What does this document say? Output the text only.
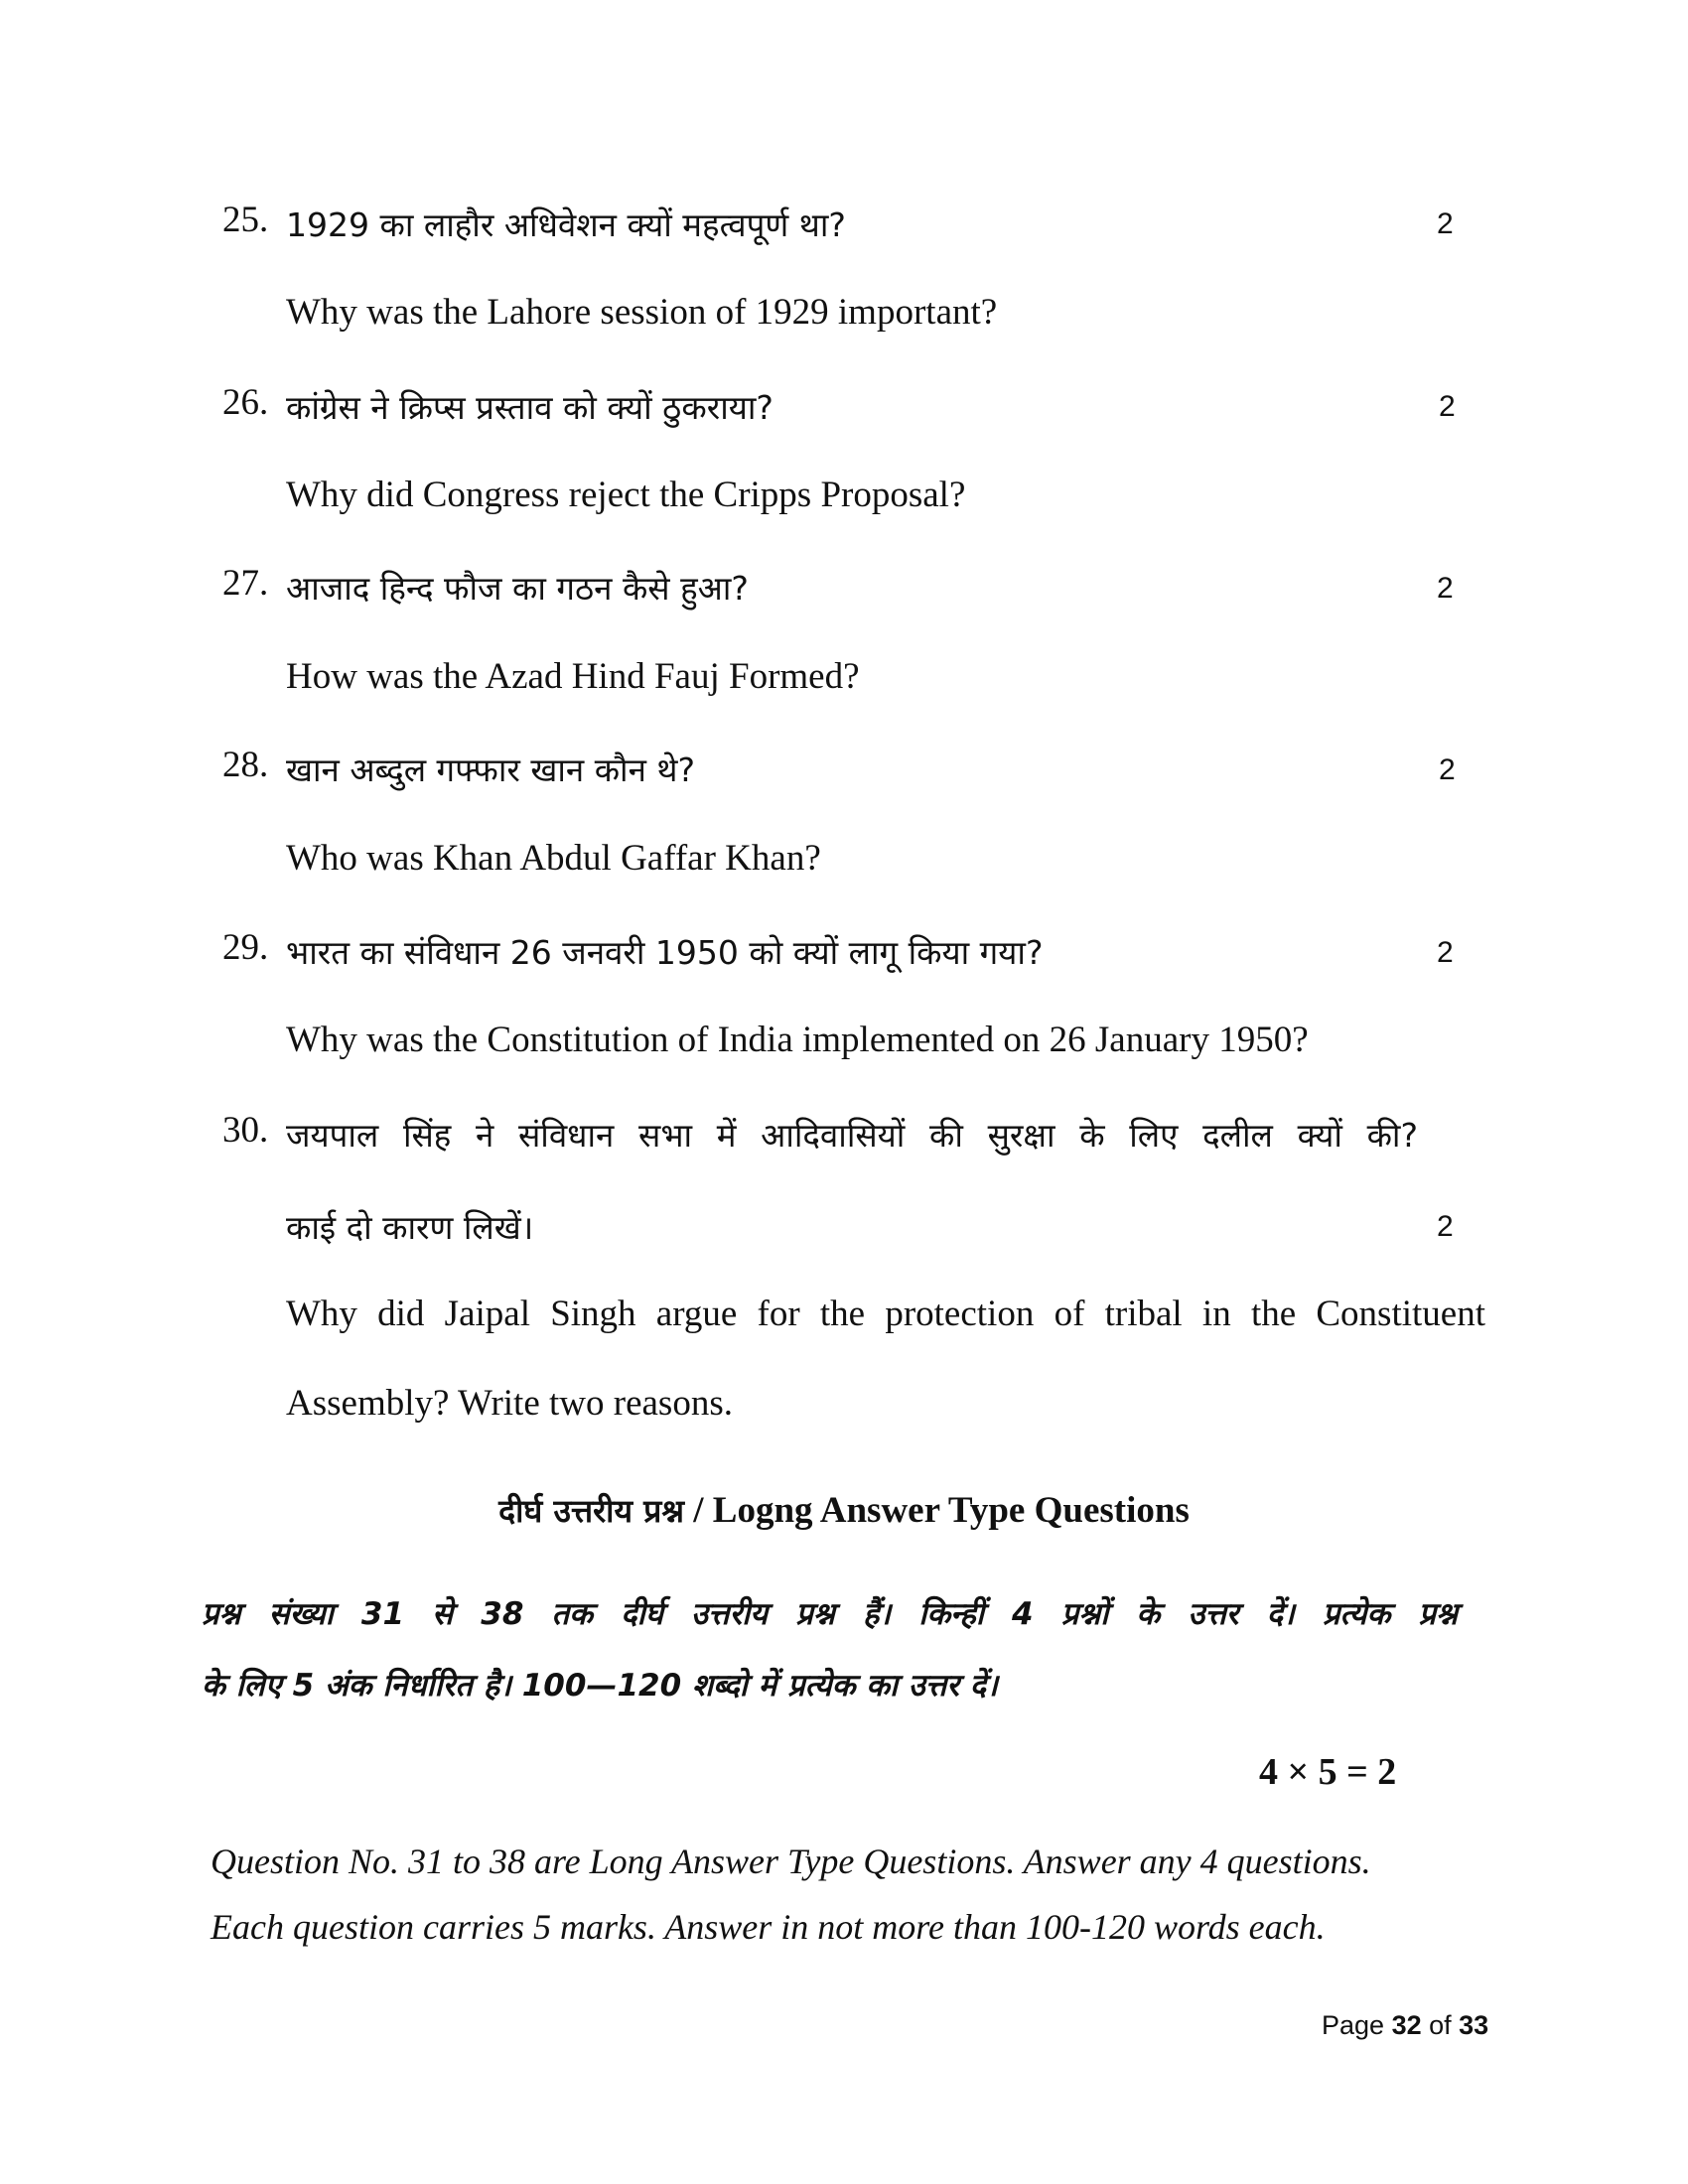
25. 1929 का लाहौर अधिवेशन क्यों महत्वपूर्ण था?	2
Why was the Lahore session of 1929 important?
26. कांग्रेस ने क्रिप्स प्रस्ताव को क्यों ठुकराया?	2
Why did Congress reject the Cripps Proposal?
27. आजाद हिन्द फौज का गठन कैसे हुआ?	2
How was the Azad Hind Fauj Formed?
28. खान अब्दुल गफ्फार खान कौन थे?	2
Who was Khan Abdul Gaffar Khan?
29. भारत का संविधान 26 जनवरी 1950 को क्यों लागू किया गया?	2
Why was the Constitution of India implemented on 26 January 1950?
30. जयपाल सिंह ने संविधान सभा में आदिवासियों की सुरक्षा के लिए दलील क्यों की?
काई दो कारण लिखें।	2
Why did Jaipal Singh argue for the protection of tribal in the Constituent
Assembly? Write two reasons.
दीर्घ उत्तरीय प्रश्न / Logng Answer Type Questions
प्रश्न संख्या 31 से 38 तक दीर्घ उत्तरीय प्रश्न हैं। किन्हीं 4 प्रश्नों के उत्तर दें। प्रत्येक प्रश्न
के लिए 5 अंक निर्धारित है। 100—120 शब्दो में प्रत्येक का उत्तर दें।
4 × 5 = 2
Question No. 31 to 38 are Long Answer Type Questions. Answer any 4 questions.
Each question carries 5 marks. Answer in not more than 100-120 words each.
Page 32 of 33
